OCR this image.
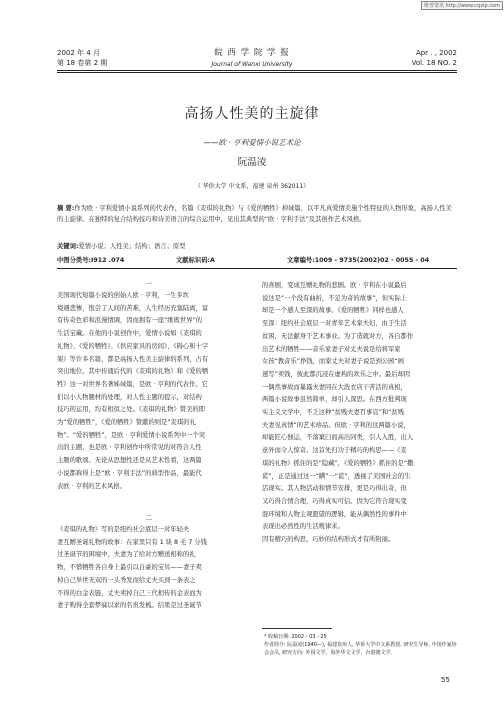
维普资讯 http://www.cqvip.com
2002 年 4 月
第 18 卷第 2 期
皖 西 学 院 学 报
Journal of Wanxi University
Apr . , 2002
Vol. 18 NO. 2
高扬人性美的主旋律
——欧 · 亨利爱情小说艺术论
阮温凌
（ 华侨大学 中文系，福建 泉州 362011）
摘 要:作为欧 · 亨利爱情小说系列的代表作，名篇《麦琪的礼物》与《爱的牺牲》掉妹篇，以平凡真爱情美施个性特征的人物形象，高扬人性美的主旋律。在独特的复合结构技巧和诗美语言的综合运用中，见出其典型的“欧 · 亨利手法”及其创作艺术风格。
关键词:爱情小说；人性美；结构；语言；原型
中图分类号:I912 .074	文献标识码:A	文章编号:1009 - 9735(2002)02 - 0055 - 04
一
美国现代短篇小说的创始人欧 · 亨利，一生多坎
境遇悲惨，饱尝了人间的苦难，人生经历充塞陆离，富
有传奇色彩和浪漫情调，因而拥有一座“维既世界”的
生活宝藏。在他的小说创作中，爱情小说如《麦琪的
礼物》、《爱的牺牲》、《供应家具的房间》、《碍心和十字
架》等许多名篇，都是高扬人性美主旋律的系列，占有
突出地位。其中传诵后代的《麦琪的礼物》和《爱的牺
牲》这一对世界名著姊妹篇，是欧 · 亨利的代表作。它
们以小人物题材的处理，对人性主题的提示，对结构
技巧的运用，均有相似之处。《麦琪的礼物》赞美的即
为“爱的牺牲”，《爱的牺牲》赞献的则是“麦琪的礼
物”。“爱的牺牲”，是欧 · 亨利爱情小说系列中一个突
出的主题，也是欧 · 亨利创作中所常见的对符合人性
主题的歌颂。无论从思想性还是从艺术性看，这两篇
小说都称得上是“欧 · 亨利手法”的典型作品，最能代
表欧 · 亨利的艺术风格。
二
《麦琪的礼物》写的是纽约社会底层一对年轻夫
妻互赠圣诞礼物的故事：在家里只有 1 块 8 毛 7 分钱
过圣诞节的困境中，夫妻为了给对方赠送相称的礼
物，不惜牺牲各自身上最引以自豪的宝贝——妻子卖
掉自己举世无双的一头秀发而给丈夫买到一条表之
不得的白金表链，丈夫卖掉自己三代相传的金表而为
妻子购得全套梦寐以求的名贵发梳。结果是过圣诞节
的喜剧，变成互赠礼物的悲剧。欧 · 亨利在小说最后
说这是“一个没有曲折，不足为奇的故事”，但实际上
却是一个感人至深的故事。《爱的牺牲》同样也感人
至深：纽约社会底层一对青年艺术家夫妇，由于生活
贫困，无法献身于艺术事业。为了造就对方，各自都作
出艺术的牺牲——音乐家妻子对丈夫说是给将军家
女孩“教音乐”挣钱，而家丈夫对妻子说是到公园“画
速写”卖钱，彼此都沉浸在虚构的欢乐之中。最后却因
一偶然事故而暴露夫妻同在大洗衣店干苦活的真相，
两篇小说故事虽然简单，却引人深思。在西方批判现
实主义文学中，不乏这种“贫贱夫妻百事哀”和“贫贱
夫妻见真情”的艺术珍品。但欧 · 亨利的这两篇小说，
却能匠心独运，不落窠臼而高出同类，引人入胜，出人
意外而令人惊奇。这首先归功于精巧的构思——《麦
琪的礼物》抓住的是“隐藏”，《爱的牺牲》抓住的是“撒
谎”，正是通过这一“瞒”一“谎”，透视了美国社会的生
活现实。其人物活动和情节安排，更是巧得出奇，但
又巧得合情合理，巧得真实可信。因为它符合现实变
混环境和人物主观愿望的逻辑，能从偶然性的事件中
表现出必然性的生活规律来。
因有精巧的构思，巧妙的结构形式才有所附丽。
* 收稿日期: 2002 - 03 - 25
作者简介: 阮温凌(1940—), 福建泉州人, 华侨大学中文系教授, 研究生导师, 中国作家协会会员, 研究方向: 外国文学、海外华文文学、台港澳文学。
55
